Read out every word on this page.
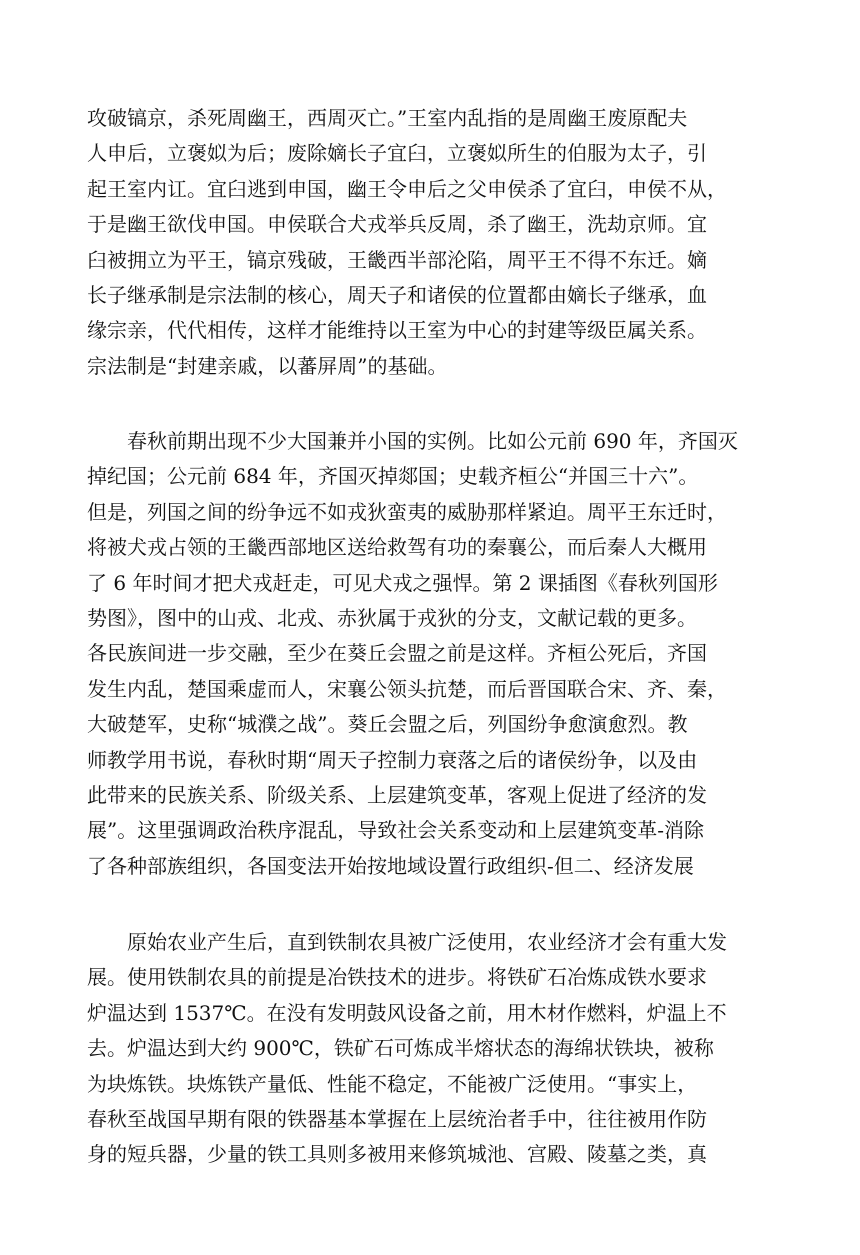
攻破镐京，杀死周幽王，西周灭亡。”王室内乱指的是周幽王废原配夫
人申后，立褒姒为后；废除嫡长子宜臼，立褒姒所生的伯服为太子，引
起王室内讧。宜臼逃到申国，幽王令申后之父申侯杀了宜臼，申侯不从，
于是幽王欲伐申国。申侯联合犬戎举兵反周，杀了幽王，洗劫京师。宜
臼被拥立为平王，镐京残破，王畿西半部沦陷，周平王不得不东迁。嫡
长子继承制是宗法制的核心，周天子和诸侯的位置都由嫡长子继承，血
缘宗亲，代代相传，这样才能维持以王室为中心的封建等级臣属关系。
宗法制是“封建亲戚，以蕃屏周”的基础。
　　春秋前期出现不少大国兼并小国的实例。比如公元前 690 年，齐国灭
掉纪国；公元前 684 年，齐国灭掉郯国；史载齐桓公“并国三十六”。
但是，列国之间的纷争远不如戎狄蛮夷的威胁那样紧迫。周平王东迁时，
将被犬戎占领的王畿西部地区送给救驾有功的秦襄公，而后秦人大概用
了 6 年时间才把犬戎赶走，可见犬戎之强悍。第 2 课插图《春秋列国形
势图》，图中的山戎、北戎、赤狄属于戎狄的分支，文献记载的更多。
各民族间进一步交融，至少在葵丘会盟之前是这样。齐桓公死后，齐国
发生内乱，楚国乘虚而人，宋襄公领头抗楚，而后晋国联合宋、齐、秦，
大破楚军，史称“城濮之战”。葵丘会盟之后，列国纷争愈演愈烈。教
师教学用书说，春秋时期“周天子控制力衰落之后的诸侯纷争，以及由
此带来的民族关系、阶级关系、上层建筑变革，客观上促进了经济的发
展”。这里强调政治秩序混乱，导致社会关系变动和上层建筑变革-消除
了各种部族组织，各国变法开始按地域设置行政组织-但二、经济发展
　　原始农业产生后，直到铁制农具被广泛使用，农业经济才会有重大发
展。使用铁制农具的前提是冶铁技术的进步。将铁矿石冶炼成铁水要求
炉温达到 1537℃。在没有发明鼓风设备之前，用木材作燃料，炉温上不
去。炉温达到大约 900℃，铁矿石可炼成半熔状态的海绵状铁块，被称
为块炼铁。块炼铁产量低、性能不稳定，不能被广泛使用。“事实上，
春秋至战国早期有限的铁器基本掌握在上层统治者手中，往往被用作防
身的短兵器，少量的铁工具则多被用来修筑城池、宫殿、陵墓之类，真
